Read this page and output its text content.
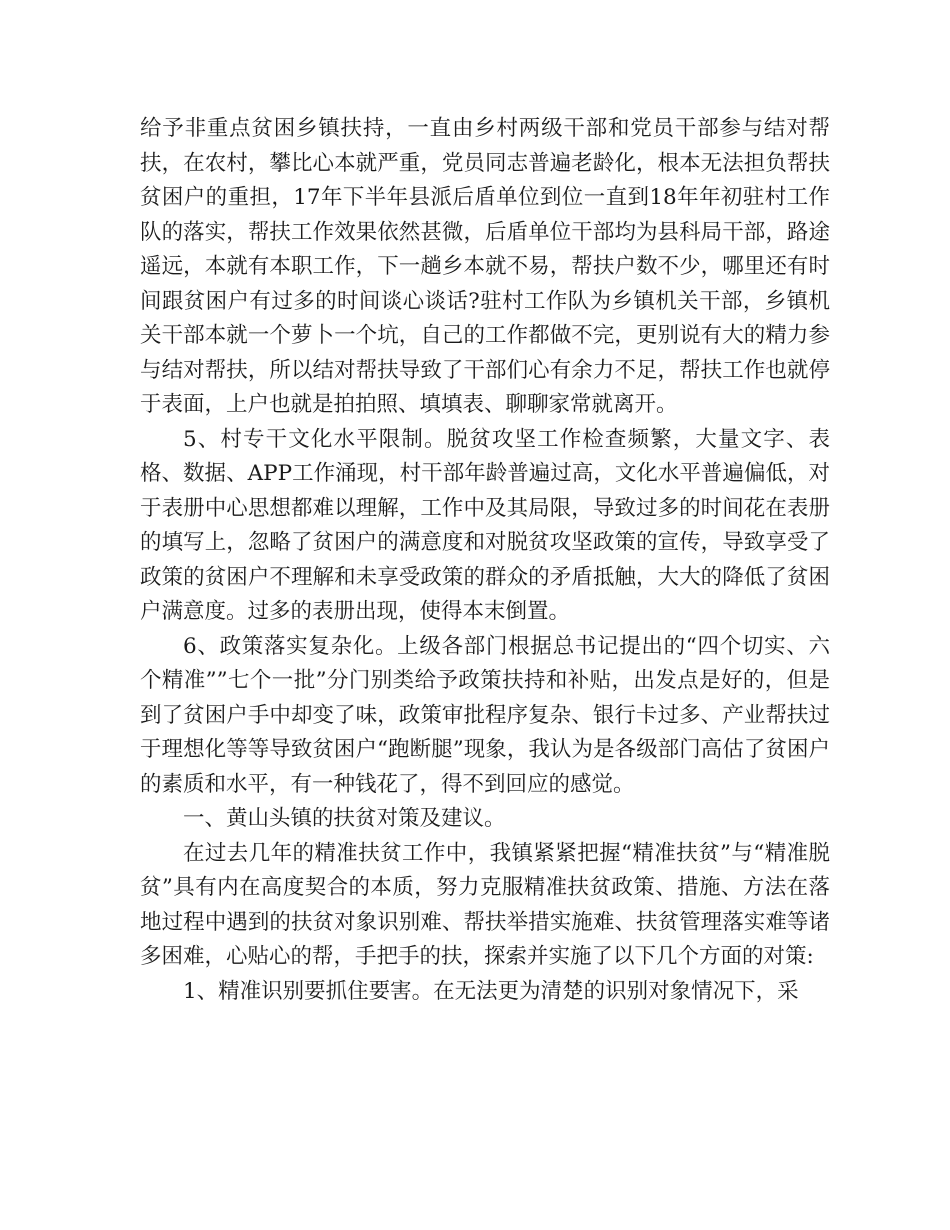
给予非重点贫困乡镇扶持，一直由乡村两级干部和党员干部参与结对帮扶，在农村，攀比心本就严重，党员同志普遍老龄化，根本无法担负帮扶贫困户的重担，17年下半年县派后盾单位到位一直到18年年初驻村工作队的落实，帮扶工作效果依然甚微，后盾单位干部均为县科局干部，路途遥远，本就有本职工作，下一趟乡本就不易，帮扶户数不少，哪里还有时间跟贫困户有过多的时间谈心谈话?驻村工作队为乡镇机关干部，乡镇机关干部本就一个萝卜一个坑，自己的工作都做不完，更别说有大的精力参与结对帮扶，所以结对帮扶导致了干部们心有余力不足，帮扶工作也就停于表面，上户也就是拍拍照、填填表、聊聊家常就离开。

5、村专干文化水平限制。脱贫攻坚工作检查频繁，大量文字、表格、数据、APP工作涌现，村干部年龄普遍过高，文化水平普遍偏低，对于表册中心思想都难以理解，工作中及其局限，导致过多的时间花在表册的填写上，忽略了贫困户的满意度和对脱贫攻坚政策的宣传，导致享受了政策的贫困户不理解和未享受政策的群众的矛盾抵触，大大的降低了贫困户满意度。过多的表册出现，使得本末倒置。

6、政策落实复杂化。上级各部门根据总书记提出的“四个切实、六个精准””七个一批”分门别类给予政策扶持和补贴，出发点是好的，但是到了贫困户手中却变了味，政策审批程序复杂、银行卡过多、产业帮扶过于理想化等等导致贫困户“跑断腿”现象，我认为是各级部门高估了贫困户的素质和水平，有一种钱花了，得不到回应的感觉。

一、黄山头镇的扶贫对策及建议。

在过去几年的精准扶贫工作中，我镇紧紧把握“精准扶贫”与“精准脱贫”具有内在高度契合的本质，努力克服精准扶贫政策、措施、方法在落地过程中遇到的扶贫对象识别难、帮扶举措实施难、扶贫管理落实难等诸多困难，心贴心的帮，手把手的扶，探索并实施了以下几个方面的对策:

1、精准识别要抓住要害。在无法更为清楚的识别对象情况下，采
